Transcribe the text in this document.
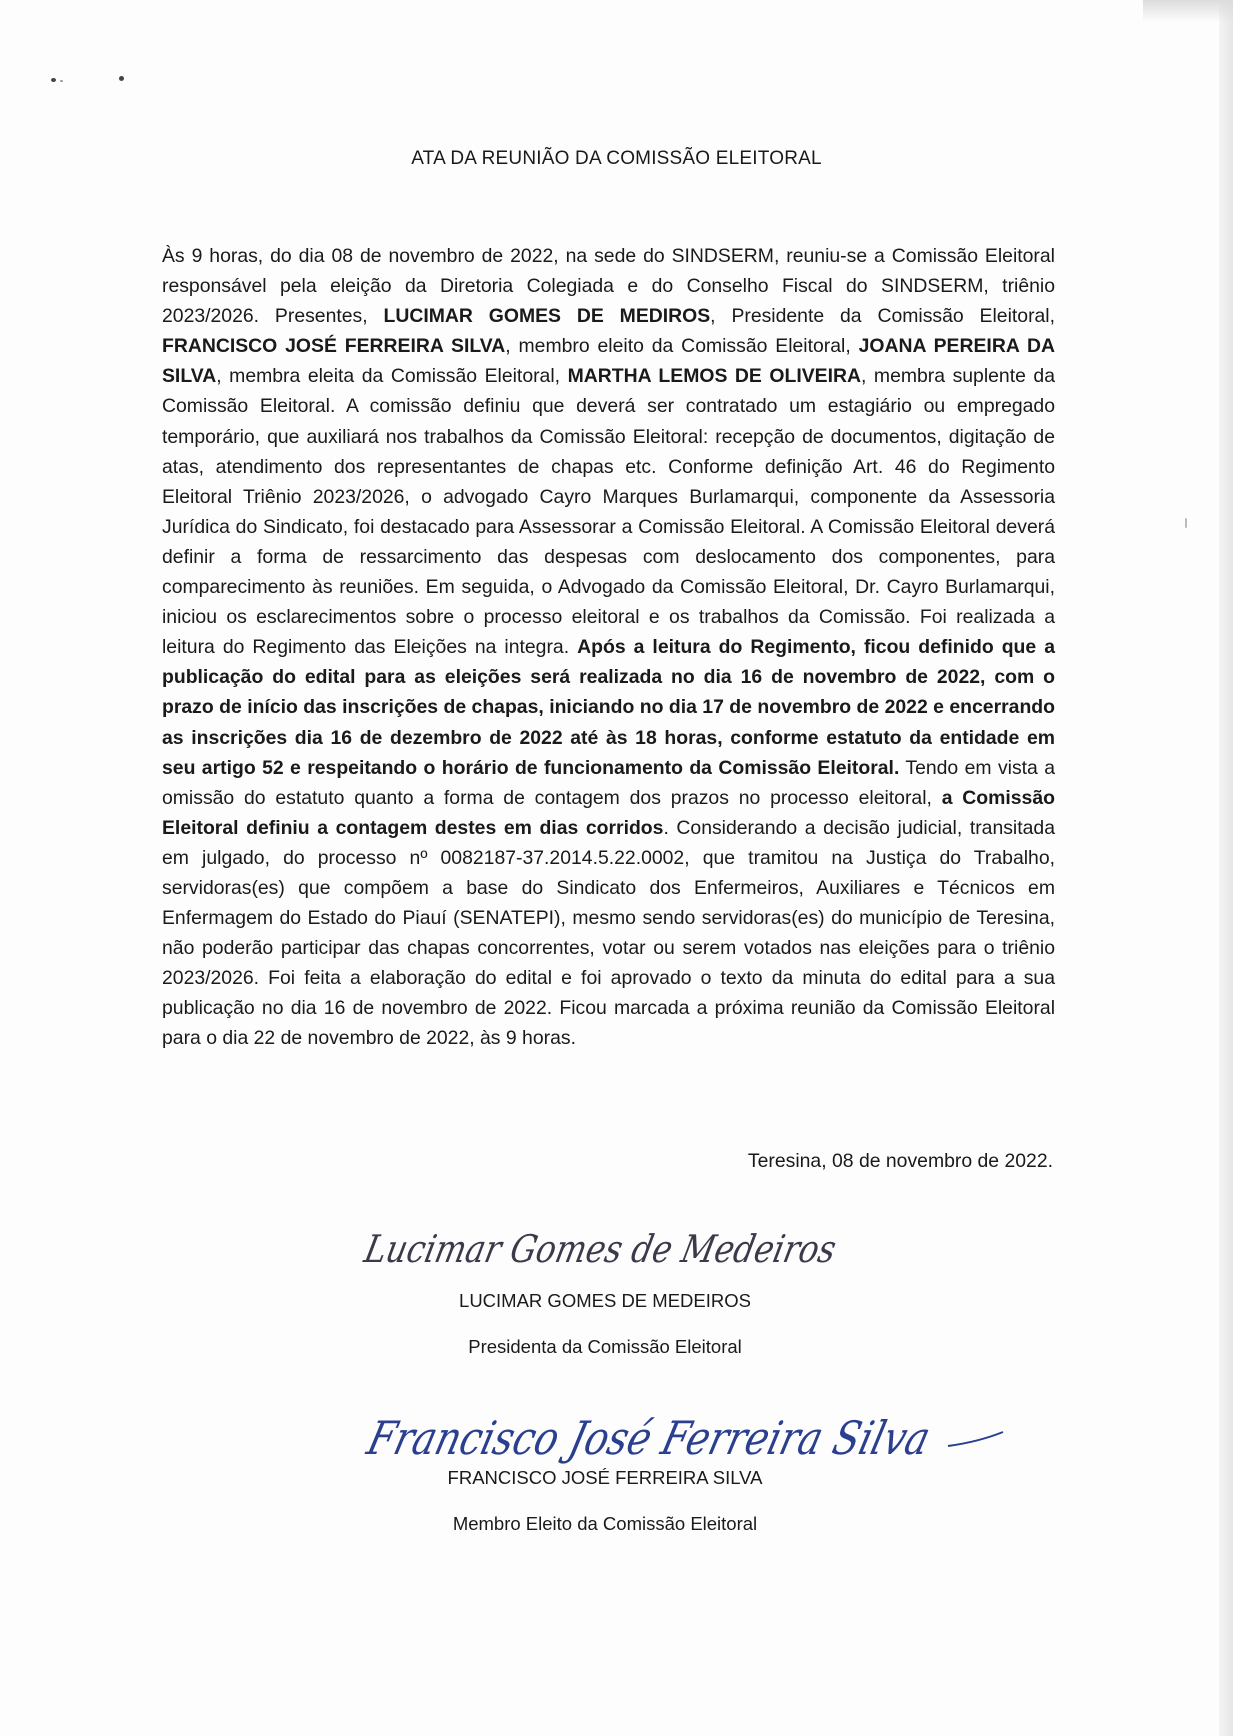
ATA DA REUNIÃO DA COMISSÃO ELEITORAL
Às 9 horas, do dia 08 de novembro de 2022, na sede do SINDSERM, reuniu-se a Comissão Eleitoral responsável pela eleição da Diretoria Colegiada e do Conselho Fiscal do SINDSERM, triênio 2023/2026. Presentes, LUCIMAR GOMES DE MEDIROS, Presidente da Comissão Eleitoral, FRANCISCO JOSÉ FERREIRA SILVA, membro eleito da Comissão Eleitoral, JOANA PEREIRA DA SILVA, membra eleita da Comissão Eleitoral, MARTHA LEMOS DE OLIVEIRA, membra suplente da Comissão Eleitoral. A comissão definiu que deverá ser contratado um estagiário ou empregado temporário, que auxiliará nos trabalhos da Comissão Eleitoral: recepção de documentos, digitação de atas, atendimento dos representantes de chapas etc. Conforme definição Art. 46 do Regimento Eleitoral Triênio 2023/2026, o advogado Cayro Marques Burlamarqui, componente da Assessoria Jurídica do Sindicato, foi destacado para Assessorar a Comissão Eleitoral. A Comissão Eleitoral deverá definir a forma de ressarcimento das despesas com deslocamento dos componentes, para comparecimento às reuniões. Em seguida, o Advogado da Comissão Eleitoral, Dr. Cayro Burlamarqui, iniciou os esclarecimentos sobre o processo eleitoral e os trabalhos da Comissão. Foi realizada a leitura do Regimento das Eleições na integra. Após a leitura do Regimento, ficou definido que a publicação do edital para as eleições será realizada no dia 16 de novembro de 2022, com o prazo de início das inscrições de chapas, iniciando no dia 17 de novembro de 2022 e encerrando as inscrições dia 16 de dezembro de 2022 até às 18 horas, conforme estatuto da entidade em seu artigo 52 e respeitando o horário de funcionamento da Comissão Eleitoral. Tendo em vista a omissão do estatuto quanto a forma de contagem dos prazos no processo eleitoral, a Comissão Eleitoral definiu a contagem destes em dias corridos. Considerando a decisão judicial, transitada em julgado, do processo nº 0082187-37.2014.5.22.0002, que tramitou na Justiça do Trabalho, servidoras(es) que compõem a base do Sindicato dos Enfermeiros, Auxiliares e Técnicos em Enfermagem do Estado do Piauí (SENATEPI), mesmo sendo servidoras(es) do município de Teresina, não poderão participar das chapas concorrentes, votar ou serem votados nas eleições para o triênio 2023/2026. Foi feita a elaboração do edital e foi aprovado o texto da minuta do edital para a sua publicação no dia 16 de novembro de 2022. Ficou marcada a próxima reunião da Comissão Eleitoral para o dia 22 de novembro de 2022, às 9 horas.
Teresina, 08 de novembro de 2022.
Lucimar Gomes de Medeiros
LUCIMAR GOMES DE MEDEIROS
Presidenta da Comissão Eleitoral
Francisco José Ferreira Silva
FRANCISCO JOSÉ FERREIRA SILVA
Membro Eleito da Comissão Eleitoral
